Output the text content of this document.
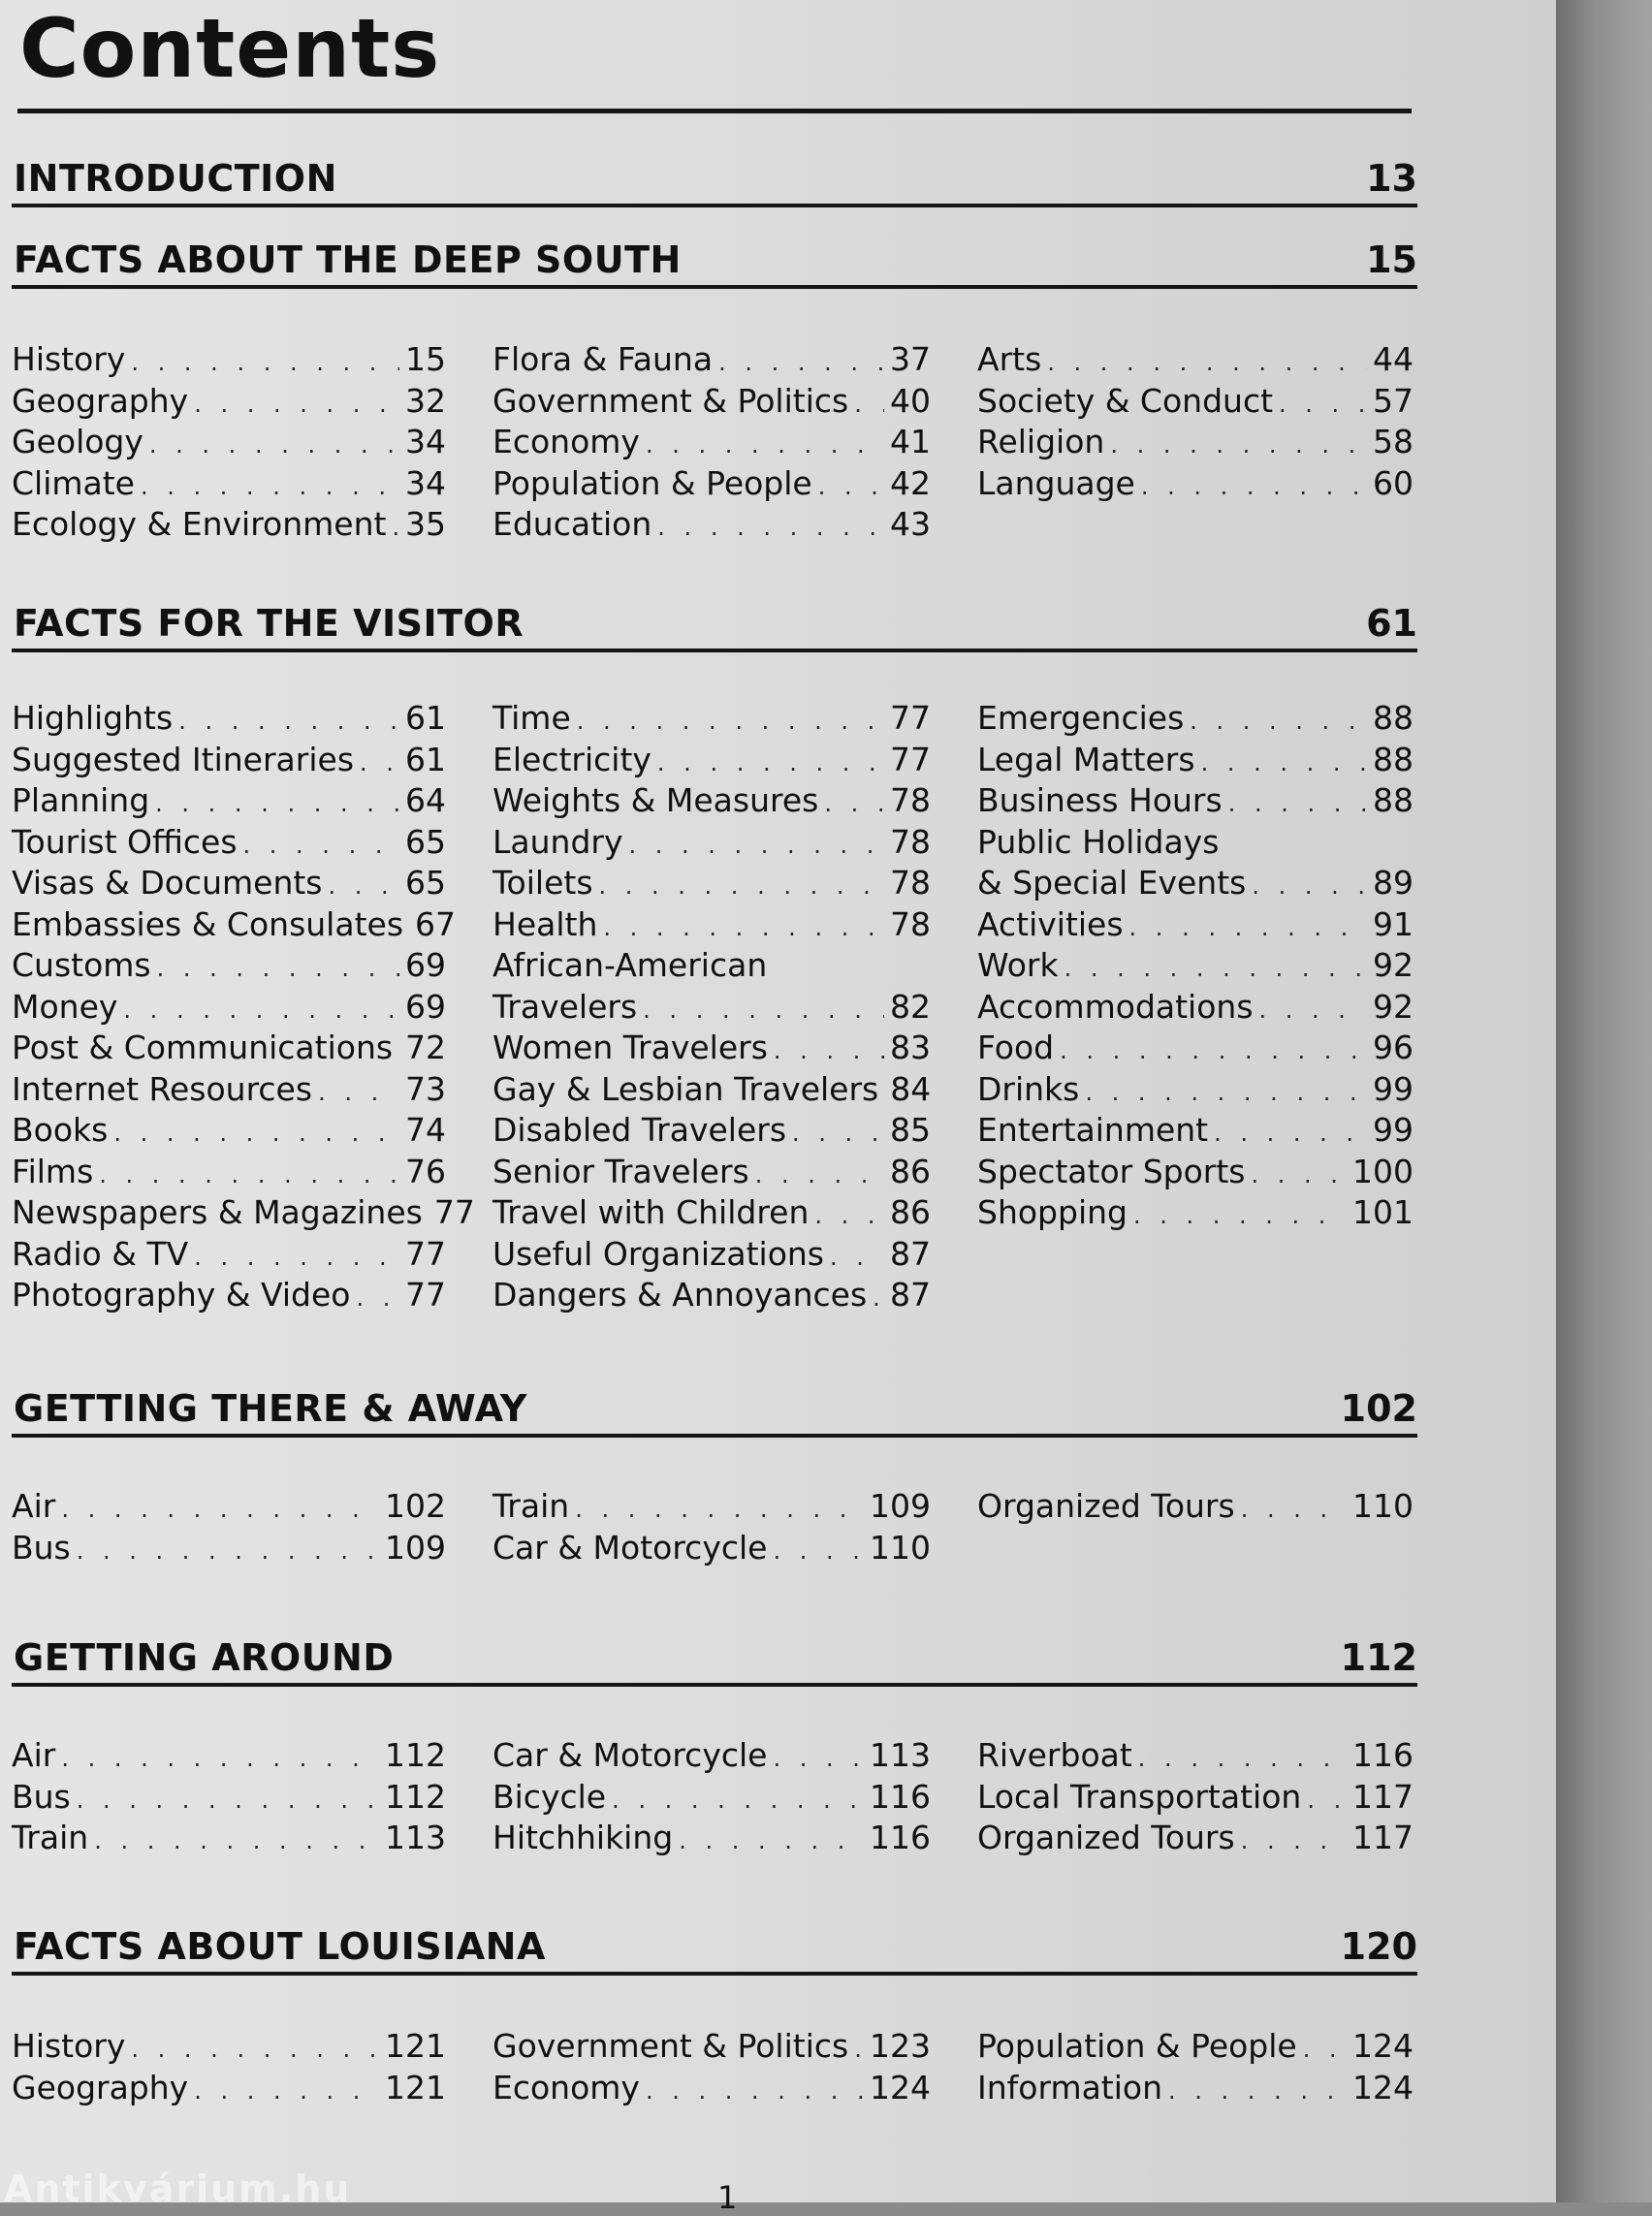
Contents
INTRODUCTION	13
FACTS ABOUT THE DEEP SOUTH	15
History . . .	15
Geography . . .	32
Geology . . .	34
Climate . . .	34
Ecology & Environment . . . 35
Flora & Fauna . . .	37
Government & Politics . . . 40
Economy . . .	41
Population & People . . . 42
Education . . .	43
Arts . . .	44
Society & Conduct . . .	57
Religion . . .	58
Language . . .	60
FACTS FOR THE VISITOR	61
Highlights . . .	61
Suggested Itineraries . . . 61
Planning . . .	64
Tourist Offices . . .	65
Visas & Documents . . .	65
Embassies & Consulates 67
Customs . . .	69
Money . . .	69
Post & Communications . . . 72
Internet Resources . . .	73
Books . . .	74
Films . . .	76
Newspapers & Magazines 77
Radio & TV . . .	77
Photography & Video . . . 77
Time . . .	77
Electricity . . .	77
Weights & Measures . . . 78
Laundry . . .	78
Toilets . . .	78
Health . . .	78
African-American
Travelers . . .	82
Women Travelers . . .	83
Gay & Lesbian Travelers 84
Disabled Travelers . . .	85
Senior Travelers . . .	86
Travel with Children . . .	86
Useful Organizations . . . 87
Dangers & Annoyances . . . 87
Emergencies . . .	88
Legal Matters . . .	88
Business Hours . . .	88
Public Holidays
& Special Events . . .	89
Activities . . .	91
Work . . .	92
Accommodations . . .	92
Food . . .	96
Drinks . . .	99
Entertainment . . .	99
Spectator Sports . . .	100
Shopping . . .	101
GETTING THERE & AWAY	102
Air . . .	102
Bus . . .	109
Train . . .	109
Car & Motorcycle . . .	110
Organized Tours . . .	110
GETTING AROUND	112
Air . . .	112
Bus . . .	112
Train . . .	113
Car & Motorcycle . . .	113
Bicycle . . .	116
Hitchhiking . . .	116
Riverboat . . .	116
Local Transportation . . . 117
Organized Tours . . .	117
FACTS ABOUT LOUISIANA	120
History . . .	121
Geography . . .	121
Government & Politics . . . 123
Economy . . .	124
Population & People . . . 124
Information . . .	124
1
Antikvárium.hu
